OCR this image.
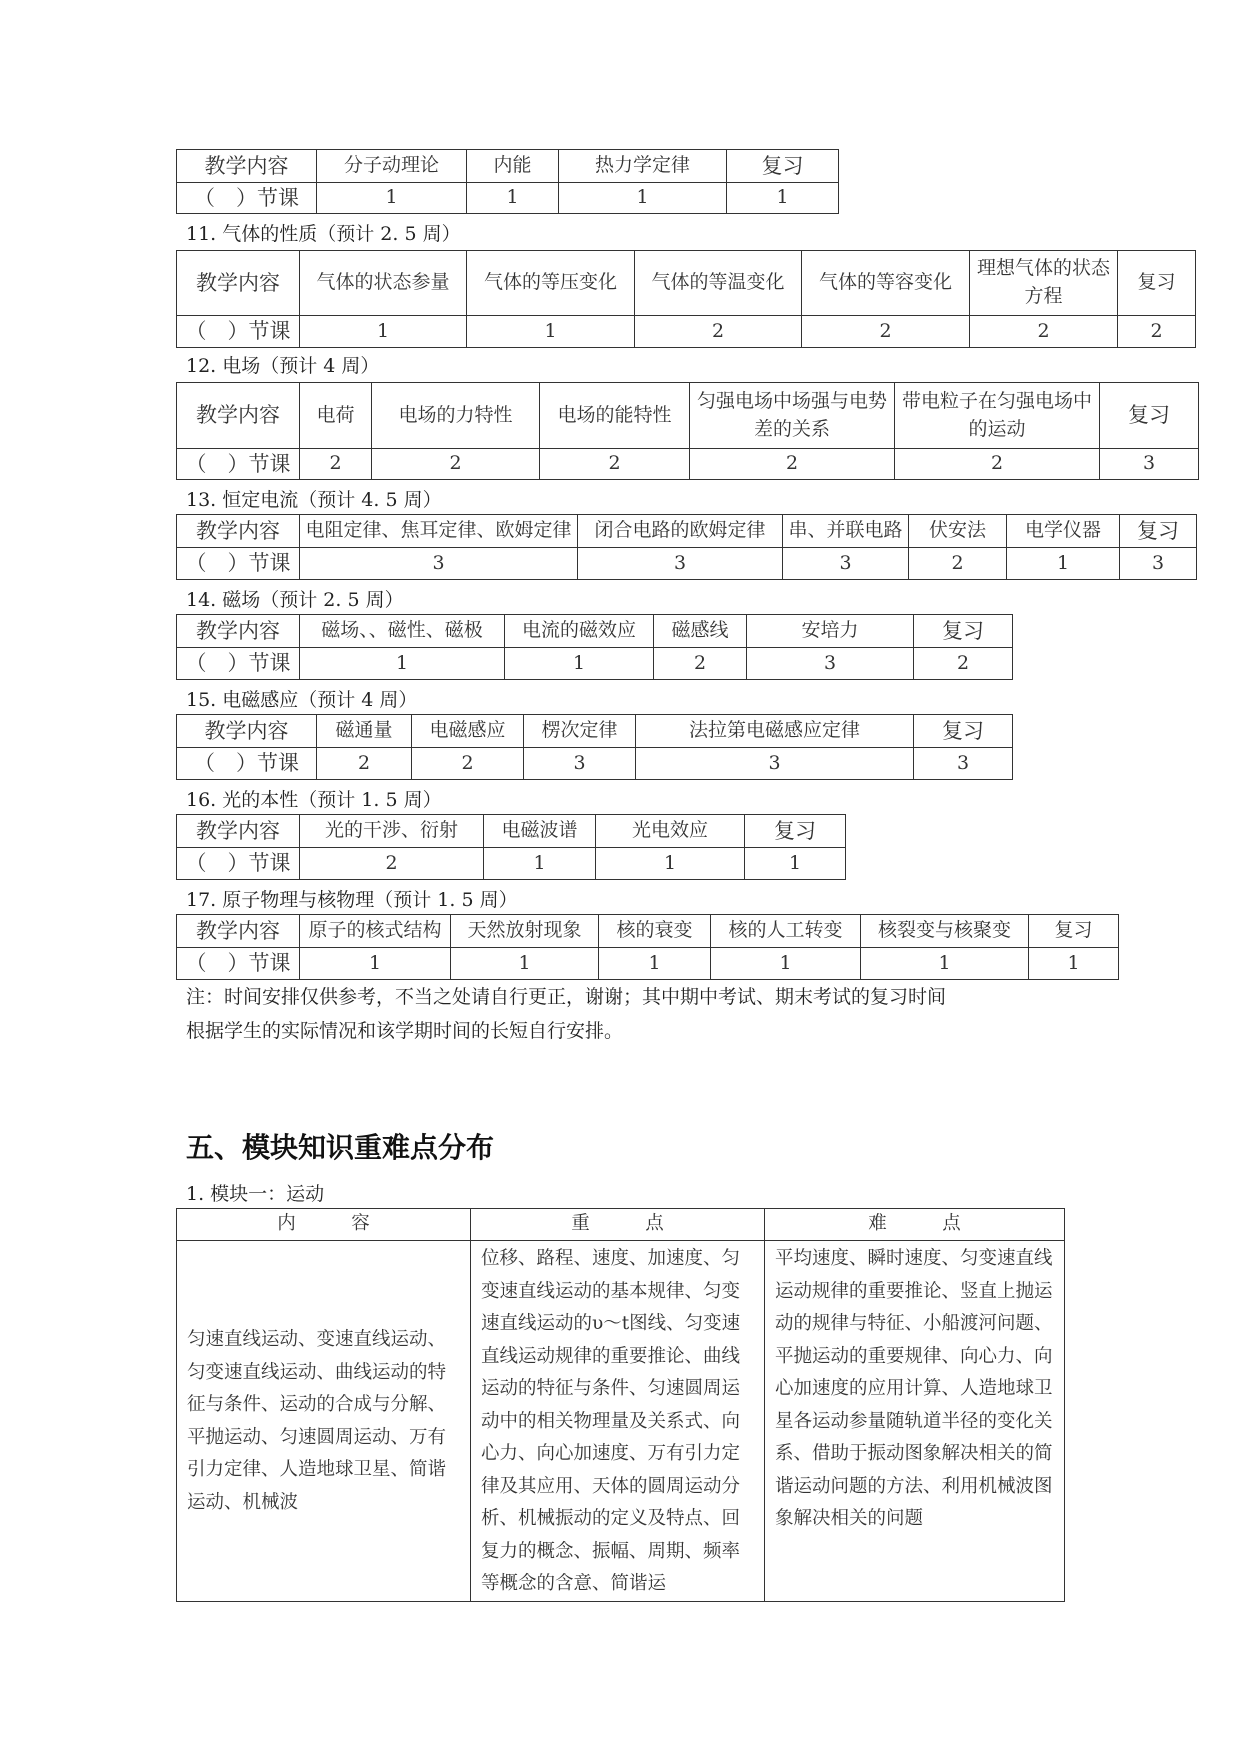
教学内容	分子动理论	内能	热力学定律	复习
（　）节课	1	1	1	1
11. 气体的性质（预计 2. 5 周）
教学内容	气体的状态参量	气体的等压变化	气体的等温变化	气体的等容变化	理想气体的状态方程	复习
（　）节课	1	1	2	2	2	2
12. 电场（预计 4 周）
教学内容	电荷	电场的力特性	电场的能特性	匀强电场中场强与电势差的关系	带电粒子在匀强电场中的运动	复习
（　）节课	2	2	2	2	2	3
13. 恒定电流（预计 4. 5 周）
教学内容	电阻定律、焦耳定律、欧姆定律	闭合电路的欧姆定律	串、并联电路	伏安法	电学仪器	复习
（　）节课	3	3	3	2	1	3
14. 磁场（预计 2. 5 周）
教学内容	磁场、、磁性、磁极	电流的磁效应	磁感线	安培力	复习
（　）节课	1	1	2	3	2
15. 电磁感应（预计 4 周）
教学内容	磁通量	电磁感应	楞次定律	法拉第电磁感应定律	复习
（　）节课	2	2	3	3	3
16. 光的本性（预计 1. 5 周）
教学内容	光的干涉、衍射	电磁波谱	光电效应	复习
（　）节课	2	1	1	1
17. 原子物理与核物理（预计 1. 5 周）
教学内容	原子的核式结构	天然放射现象	核的衰变	核的人工转变	核裂变与核聚变	复习
（　）节课	1	1	1	1	1	1
注：时间安排仅供参考，不当之处请自行更正，谢谢；其中期中考试、期末考试的复习时间
根据学生的实际情况和该学期时间的长短自行安排。
五、模块知识重难点分布
1. 模块一：运动
内　　　容	重　　　点	难　　　点
匀速直线运动、变速直线运动、匀变速直线运动、曲线运动的特征与条件、运动的合成与分解、平抛运动、匀速圆周运动、万有引力定律、人造地球卫星、简谐运动、机械波	位移、路程、速度、加速度、匀变速直线运动的基本规律、匀变速直线运动的υ～t图线、匀变速直线运动规律的重要推论、曲线运动的特征与条件、匀速圆周运动中的相关物理量及关系式、向心力、向心加速度、万有引力定律及其应用、天体的圆周运动分析、机械振动的定义及特点、回复力的概念、振幅、周期、频率等概念的含意、简谐运	平均速度、瞬时速度、匀变速直线运动规律的重要推论、竖直上抛运动的规律与特征、小船渡河问题、平抛运动的重要规律、向心力、向心加速度的应用计算、人造地球卫星各运动参量随轨道半径的变化关系、借助于振动图象解决相关的简谐运动问题的方法、利用机械波图象解决相关的问题
